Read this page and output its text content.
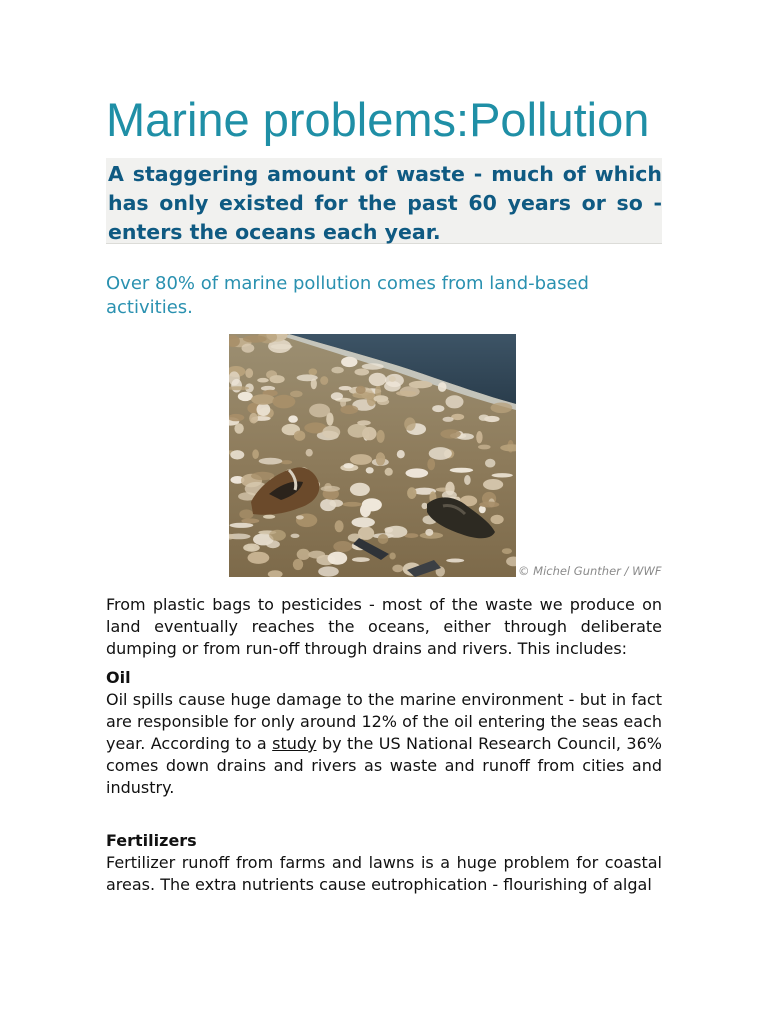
Marine problems:Pollution

A staggering amount of waste - much of which has only existed for the past 60 years or so - enters the oceans each year.

Over 80% of marine pollution comes from land-based activities.

© Michel Gunther / WWF

From plastic bags to pesticides - most of the waste we produce on land eventually reaches the oceans, either through deliberate dumping or from run-off through drains and rivers. This includes:

Oil

Oil spills cause huge damage to the marine environment - but in fact are responsible for only around 12% of the oil entering the seas each year. According to a study by the US National Research Council, 36% comes down drains and rivers as waste and runoff from cities and industry.

Fertilizers

Fertilizer runoff from farms and lawns is a huge problem for coastal areas. The extra nutrients cause eutrophication - flourishing of algal
